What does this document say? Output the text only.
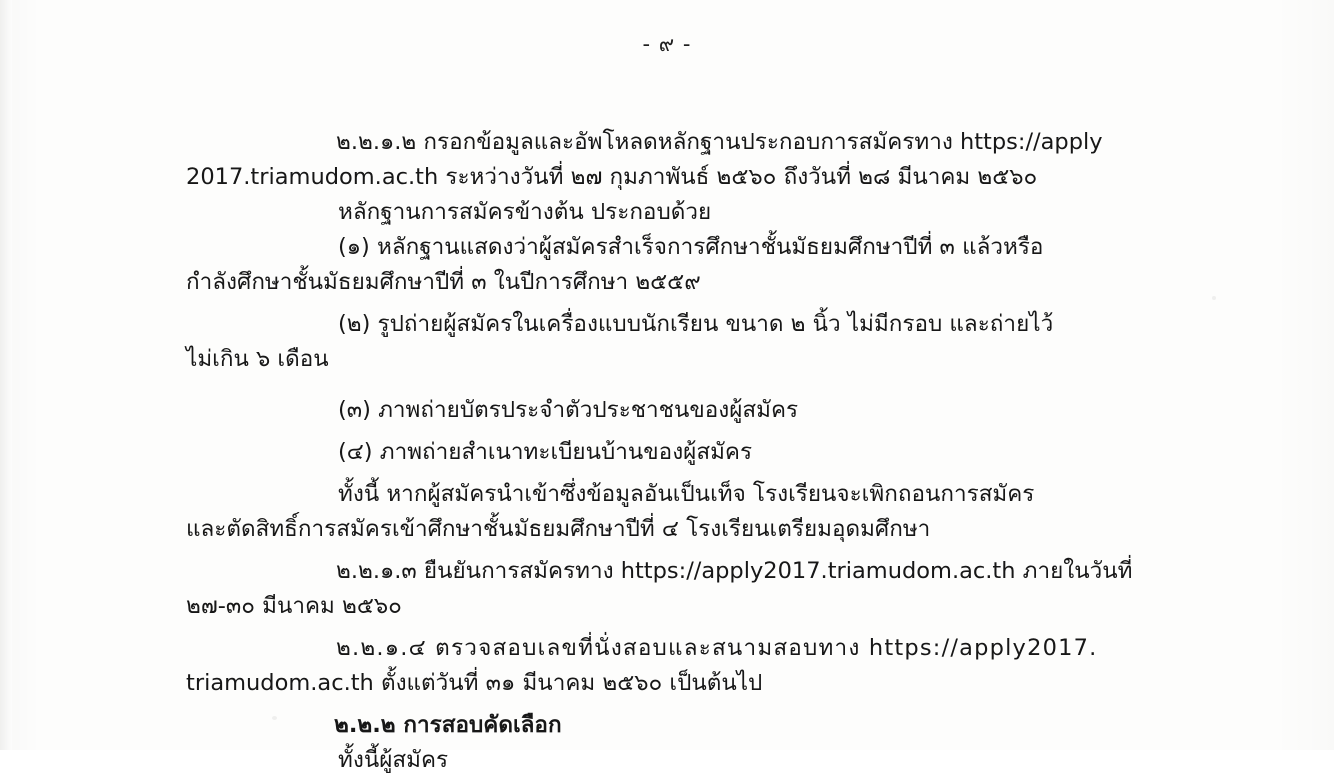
- ๙ -

๒.๒.๑.๒ กรอกข้อมูลและอัพโหลดหลักฐานประกอบการสมัครทาง https://apply

2017.triamudom.ac.th ระหว่างวันที่ ๒๗ กุมภาพันธ์ ๒๕๖๐ ถึงวันที่ ๒๘ มีนาคม ๒๕๖๐

หลักฐานการสมัครข้างต้น ประกอบด้วย

(๑) หลักฐานแสดงว่าผู้สมัครสำเร็จการศึกษาชั้นมัธยมศึกษาปีที่ ๓ แล้วหรือ

กำลังศึกษาชั้นมัธยมศึกษาปีที่ ๓ ในปีการศึกษา ๒๕๕๙

(๒) รูปถ่ายผู้สมัครในเครื่องแบบนักเรียน ขนาด ๒ นิ้ว ไม่มีกรอบ และถ่ายไว้

ไม่เกิน ๖ เดือน

(๓) ภาพถ่ายบัตรประจำตัวประชาชนของผู้สมัคร

(๔) ภาพถ่ายสำเนาทะเบียนบ้านของผู้สมัคร

ทั้งนี้ หากผู้สมัครนำเข้าซึ่งข้อมูลอันเป็นเท็จ โรงเรียนจะเพิกถอนการสมัคร

และตัดสิทธิ์การสมัครเข้าศึกษาชั้นมัธยมศึกษาปีที่ ๔ โรงเรียนเตรียมอุดมศึกษา

๒.๒.๑.๓ ยืนยันการสมัครทาง https://apply2017.triamudom.ac.th ภายในวันที่

๒๗-๓๐ มีนาคม ๒๕๖๐

๒.๒.๑.๔ ตรวจสอบเลขที่นั่งสอบและสนามสอบทาง https://apply2017.

triamudom.ac.th ตั้งแต่วันที่ ๓๑ มีนาคม ๒๕๖๐ เป็นต้นไป

๒.๒.๒ การสอบคัดเลือก

ทั้งนี้ผู้สมัคร
